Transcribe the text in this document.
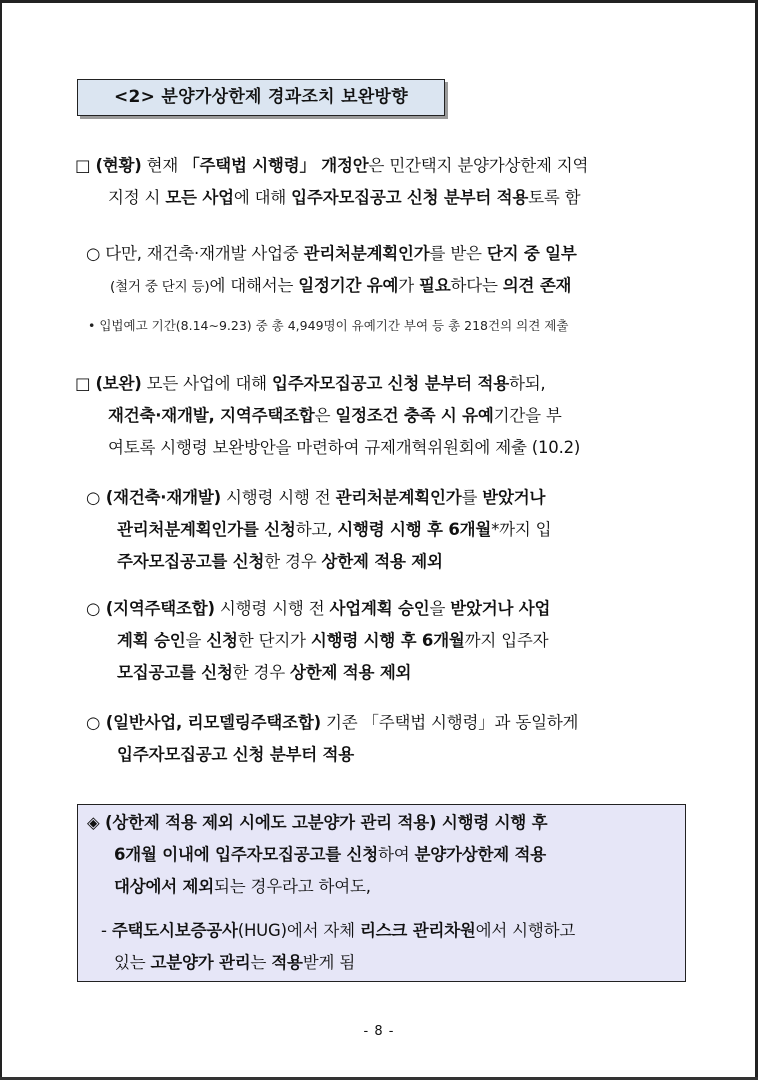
<2> 분양가상한제 경과조치 보완방향
□ (현황) 현재 「주택법 시행령」 개정안은 민간택지 분양가상한제 지역
지정 시 모든 사업에 대해 입주자모집공고 신청 분부터 적용토록 함
○ 다만, 재건축·재개발 사업중 관리처분계획인가를 받은 단지 중 일부
(철거 중 단지 등)에 대해서는 일정기간 유예가 필요하다는 의견 존재
• 입법예고 기간(8.14∼9.23) 중 총 4,949명이 유예기간 부여 등 총 218건의 의견 제출
□ (보완) 모든 사업에 대해 입주자모집공고 신청 분부터 적용하되,
재건축·재개발, 지역주택조합은 일정조건 충족 시 유예기간을 부
여토록 시행령 보완방안을 마련하여 규제개혁위원회에 제출 (10.2)
○ (재건축·재개발) 시행령 시행 전 관리처분계획인가를 받았거나
관리처분계획인가를 신청하고, 시행령 시행 후 6개월*까지 입
주자모집공고를 신청한 경우 상한제 적용 제외
○ (지역주택조합) 시행령 시행 전 사업계획 승인을 받았거나 사업
계획 승인을 신청한 단지가 시행령 시행 후 6개월까지 입주자
모집공고를 신청한 경우 상한제 적용 제외
○ (일반사업, 리모델링주택조합) 기존 「주택법 시행령」과 동일하게
입주자모집공고 신청 분부터 적용
◈ (상한제 적용 제외 시에도 고분양가 관리 적용) 시행령 시행 후
6개월 이내에 입주자모집공고를 신청하여 분양가상한제 적용
대상에서 제외되는 경우라고 하여도,
- 주택도시보증공사(HUG)에서 자체 리스크 관리차원에서 시행하고
있는 고분양가 관리는 적용받게 됨
- 8 -
